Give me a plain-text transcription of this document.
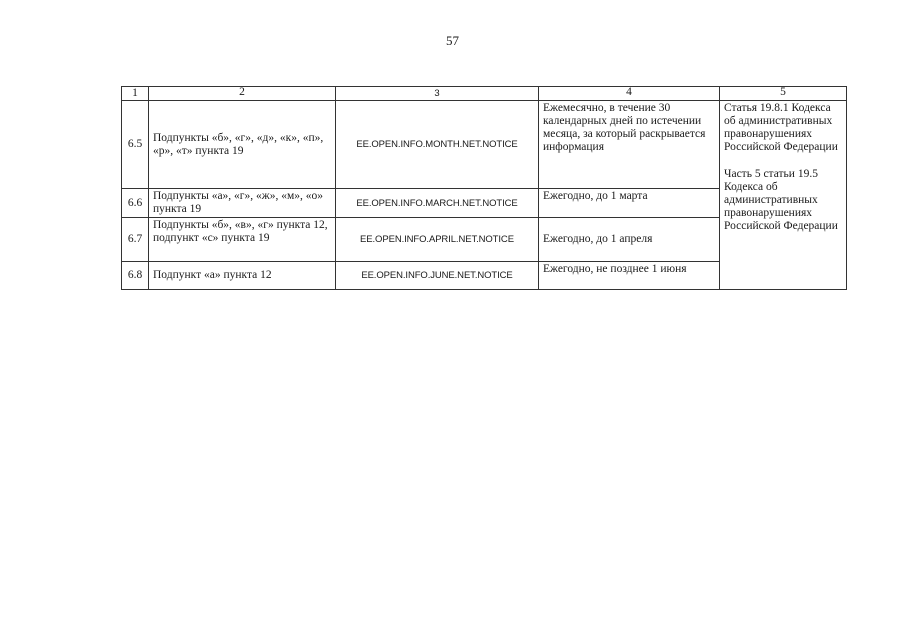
57
1	2	3	4	5
6.5	Подпункты «б», «г», «д», «к», «п», «р», «т» пункта 19	EE.OPEN.INFO.MONTH.NET.NOTICE	Ежемесячно, в течение 30 календарных дней по истечении месяца, за который раскрывается информация	Статья 19.8.1 Кодекса об административных правонарушениях Российской Федерации
Часть 5 статьи 19.5 Кодекса об административных правонарушениях Российской Федерации

6.6	Подпункты «а», «г», «ж», «м», «о» пункта 19	EE.OPEN.INFO.MARCH.NET.NOTICE	Ежегодно, до 1 марта	
6.7	Подпункты «б», «в», «г» пункта 12, подпункт «с» пункта 19	EE.OPEN.INFO.APRIL.NET.NOTICE	Ежегодно, до 1 апреля	
6.8	Подпункт «а» пункта 12	EE.OPEN.INFO.JUNE.NET.NOTICE	Ежегодно, не позднее 1 июня	
